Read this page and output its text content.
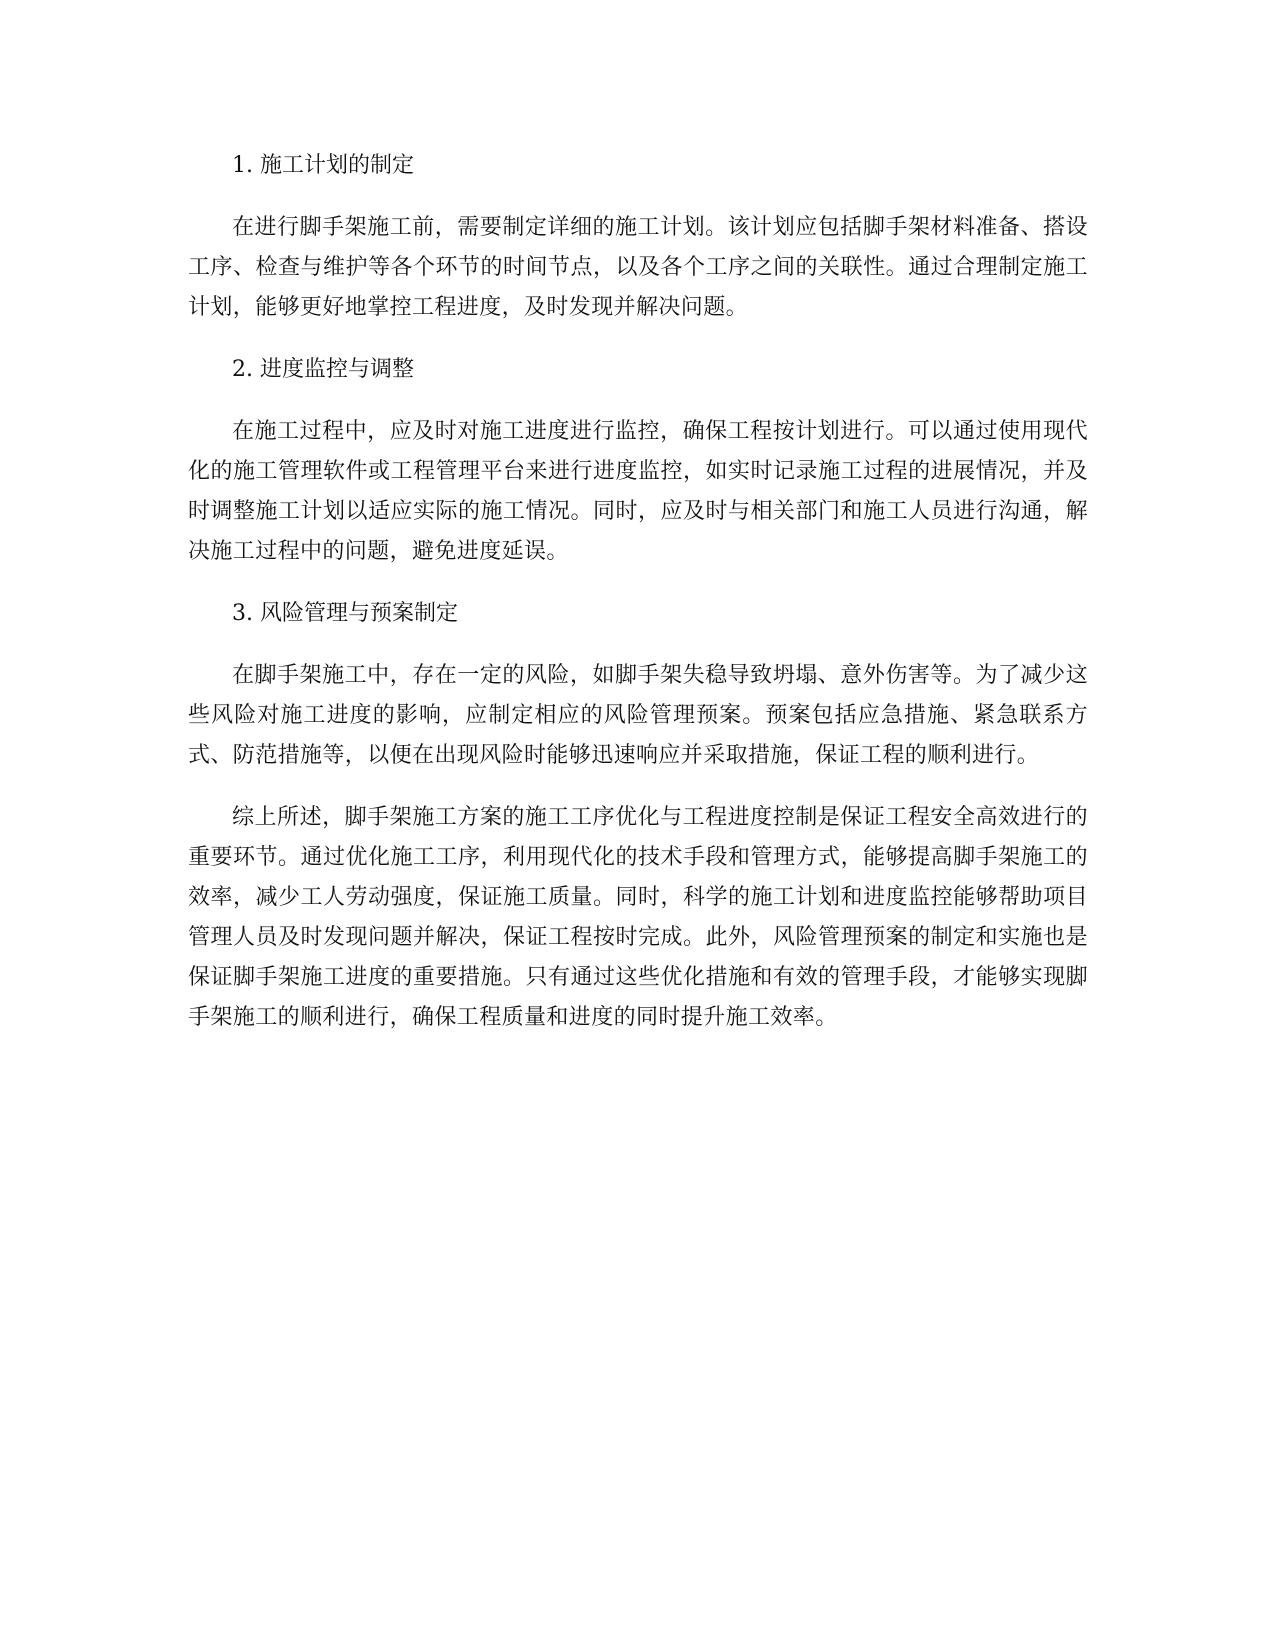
1. 施工计划的制定

在进行脚手架施工前，需要制定详细的施工计划。该计划应包括脚手架材料准备、搭设工序、检查与维护等各个环节的时间节点，以及各个工序之间的关联性。通过合理制定施工计划，能够更好地掌控工程进度，及时发现并解决问题。

2. 进度监控与调整

在施工过程中，应及时对施工进度进行监控，确保工程按计划进行。可以通过使用现代化的施工管理软件或工程管理平台来进行进度监控，如实时记录施工过程的进展情况，并及时调整施工计划以适应实际的施工情况。同时，应及时与相关部门和施工人员进行沟通，解决施工过程中的问题，避免进度延误。

3. 风险管理与预案制定

在脚手架施工中，存在一定的风险，如脚手架失稳导致坍塌、意外伤害等。为了减少这些风险对施工进度的影响，应制定相应的风险管理预案。预案包括应急措施、紧急联系方式、防范措施等，以便在出现风险时能够迅速响应并采取措施，保证工程的顺利进行。

综上所述，脚手架施工方案的施工工序优化与工程进度控制是保证工程安全高效进行的重要环节。通过优化施工工序，利用现代化的技术手段和管理方式，能够提高脚手架施工的效率，减少工人劳动强度，保证施工质量。同时，科学的施工计划和进度监控能够帮助项目管理人员及时发现问题并解决，保证工程按时完成。此外，风险管理预案的制定和实施也是保证脚手架施工进度的重要措施。只有通过这些优化措施和有效的管理手段，才能够实现脚手架施工的顺利进行，确保工程质量和进度的同时提升施工效率。
